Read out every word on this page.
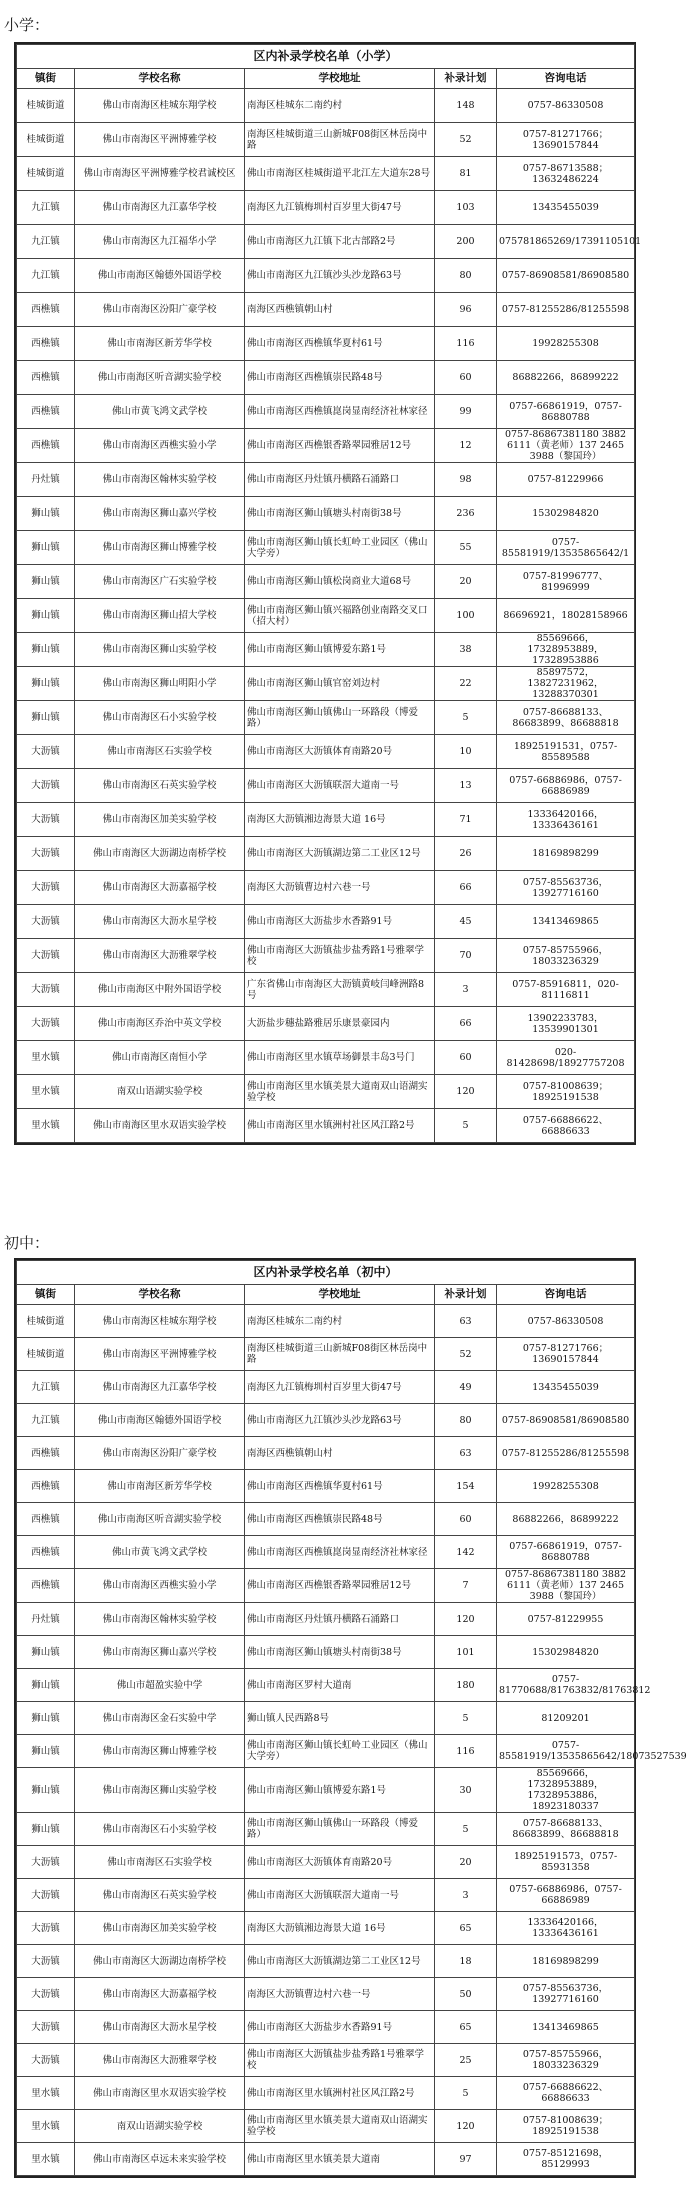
小学：
区内补录学校名单（小学）				
镇街	学校名称	学校地址	补录计划	咨询电话
桂城街道	佛山市南海区桂城东翔学校	南海区桂城东二南约村	148	0757-86330508
桂城街道	佛山市南海区平洲博雅学校	南海区桂城街道三山新城F08街区林岳岗中路	52	0757-81271766；13690157844
桂城街道	佛山市南海区平洲博雅学校君诚校区	佛山市南海区桂城街道平北江左大道东28号	81	0757-86713588；13632486224
九江镇	佛山市南海区九江嘉华学校	南海区九江镇梅圳村百岁里大街47号	103	13435455039
九江镇	佛山市南海区九江福华小学	佛山市南海区九江镇下北古部路2号	200	075781865269/17391105101
九江镇	佛山市南海区翰德外国语学校	佛山市南海区九江镇沙头沙龙路63号	80	0757-86908581/86908580
西樵镇	佛山市南海区汾阳广豪学校	南海区西樵镇朝山村	96	0757-81255286/81255598
西樵镇	佛山市南海区新芳华学校	佛山市南海区西樵镇华夏村61号	116	19928255308
西樵镇	佛山市南海区听音湖实验学校	佛山市南海区西樵镇崇民路48号	60	86882266，86899222
西樵镇	佛山市黄飞鸿文武学校	佛山市南海区西樵镇崑岗显南经济社林家径	99	0757-66861919，0757-86880788
西樵镇	佛山市南海区西樵实验小学	佛山市南海区西樵银香路翠园雅居12号	12	0757-86867381180 3882 6111（黄老师）137 2465 3988（黎国玲）
丹灶镇	佛山市南海区翰林实验学校	佛山市南海区丹灶镇丹横路石涌路口	98	0757-81229966
狮山镇	佛山市南海区狮山嘉兴学校	佛山市南海区狮山镇塘头村南街38号	236	15302984820
狮山镇	佛山市南海区狮山博雅学校	佛山市南海区狮山镇长虹岭工业园区（佛山大学旁）	55	0757-85581919/13535865642/1
狮山镇	佛山市南海区广石实验学校	佛山市南海区狮山镇松岗商业大道68号	20	0757-81996777、81996999
狮山镇	佛山市南海区狮山招大学校	佛山市南海区狮山镇兴福路创业南路交叉口（招大村）	100	86696921，18028158966
狮山镇	佛山市南海区狮山实验学校	佛山市南海区狮山镇博爱东路1号	38	85569666，17328953889，17328953886
狮山镇	佛山市南海区狮山明阳小学	佛山市南海区狮山镇官窑刘边村	22	85897572，13827231962，13288370301
狮山镇	佛山市南海区石小实验学校	佛山市南海区狮山镇佛山一环路段（博爱路）	5	0757-86688133、86683899、86688818
大沥镇	佛山市南海区石实验学校	佛山市南海区大沥镇体育南路20号	10	18925191531，0757-85589588
大沥镇	佛山市南海区石英实验学校	佛山市南海区大沥镇联滘大道南一号	13	0757-66886986，0757-66886989
大沥镇	佛山市南海区加美实验学校	南海区大沥镇湘边海景大道 16号	71	13336420166，13336436161
大沥镇	佛山市南海区大沥湖边南桥学校	佛山市南海区大沥镇湖边第二工业区12号	26	18169898299
大沥镇	佛山市南海区大沥嘉福学校	南海区大沥镇曹边村六巷一号	66	0757-85563736，13927716160
大沥镇	佛山市南海区大沥水星学校	佛山市南海区大沥盐步水香路91号	45	13413469865
大沥镇	佛山市南海区大沥雅翠学校	佛山市南海区大沥镇盐步盐秀路1号雅翠学校	70	0757-85755966，18033236329
大沥镇	佛山市南海区中附外国语学校	广东省佛山市南海区大沥镇黄岐闫峰洲路8号	3	0757-85916811，020-81116811
大沥镇	佛山市南海区乔治中英文学校	大沥盐步穗盐路雅居乐康景豪园内	66	13902233783，13539901301
里水镇	佛山市南海区南恒小学	佛山市南海区里水镇草场御景丰岛3号门	60	020-81428698/18927757208
里水镇	南双山语湖实验学校	佛山市南海区里水镇美景大道南双山语湖实验学校	120	0757-81008639；18925191538
里水镇	佛山市南海区里水双语实验学校	佛山市南海区里水镇洲村社区风江路2号	5	0757-66886622、66886633
初中：
区内补录学校名单（初中）				
镇街	学校名称	学校地址	补录计划	咨询电话
桂城街道	佛山市南海区桂城东翔学校	南海区桂城东二南约村	63	0757-86330508
桂城街道	佛山市南海区平洲博雅学校	南海区桂城街道三山新城F08街区林岳岗中路	52	0757-81271766；13690157844
九江镇	佛山市南海区九江嘉华学校	南海区九江镇梅圳村百岁里大街47号	49	13435455039
九江镇	佛山市南海区翰德外国语学校	佛山市南海区九江镇沙头沙龙路63号	80	0757-86908581/86908580
西樵镇	佛山市南海区汾阳广豪学校	南海区西樵镇朝山村	63	0757-81255286/81255598
西樵镇	佛山市南海区新芳华学校	佛山市南海区西樵镇华夏村61号	154	19928255308
西樵镇	佛山市南海区听音湖实验学校	佛山市南海区西樵镇崇民路48号	60	86882266，86899222
西樵镇	佛山市黄飞鸿文武学校	佛山市南海区西樵镇崑岗显南经济社林家径	142	0757-66861919，0757-86880788
西樵镇	佛山市南海区西樵实验小学	佛山市南海区西樵银香路翠园雅居12号	7	0757-86867381180 3882 6111（黄老师）137 2465 3988（黎国玲）
丹灶镇	佛山市南海区翰林实验学校	佛山市南海区丹灶镇丹横路石涌路口	120	0757-81229955
狮山镇	佛山市南海区狮山嘉兴学校	佛山市南海区狮山镇塘头村南街38号	101	15302984820
狮山镇	佛山市超盈实验中学	佛山市南海区罗村大道南	180	0757-81770688/81763832/81763812
狮山镇	佛山市南海区金石实验中学	狮山镇人民西路8号	5	81209201
狮山镇	佛山市南海区狮山博雅学校	佛山市南海区狮山镇长虹岭工业园区（佛山大学旁）	116	0757-85581919/13535865642/18073527539
狮山镇	佛山市南海区狮山实验学校	佛山市南海区狮山镇博爱东路1号	30	85569666，17328953889，17328953886，18923180337
狮山镇	佛山市南海区石小实验学校	佛山市南海区狮山镇佛山一环路段（博爱路）	5	0757-86688133、86683899、86688818
大沥镇	佛山市南海区石实验学校	佛山市南海区大沥镇体育南路20号	20	18925191573，0757-85931358
大沥镇	佛山市南海区石英实验学校	佛山市南海区大沥镇联滘大道南一号	3	0757-66886986，0757-66886989
大沥镇	佛山市南海区加美实验学校	南海区大沥镇湘边海景大道 16号	65	13336420166，13336436161
大沥镇	佛山市南海区大沥湖边南桥学校	佛山市南海区大沥镇湖边第二工业区12号	18	18169898299
大沥镇	佛山市南海区大沥嘉福学校	南海区大沥镇曹边村六巷一号	50	0757-85563736，13927716160
大沥镇	佛山市南海区大沥水星学校	佛山市南海区大沥盐步水香路91号	65	13413469865
大沥镇	佛山市南海区大沥雅翠学校	佛山市南海区大沥镇盐步盐秀路1号雅翠学校	25	0757-85755966，18033236329
里水镇	佛山市南海区里水双语实验学校	佛山市南海区里水镇洲村社区风江路2号	5	0757-66886622、66886633
里水镇	南双山语湖实验学校	佛山市南海区里水镇美景大道南双山语湖实验学校	120	0757-81008639；18925191538
里水镇	佛山市南海区卓远未来实验学校	佛山市南海区里水镇美景大道南	97	0757-85121698，85129993
